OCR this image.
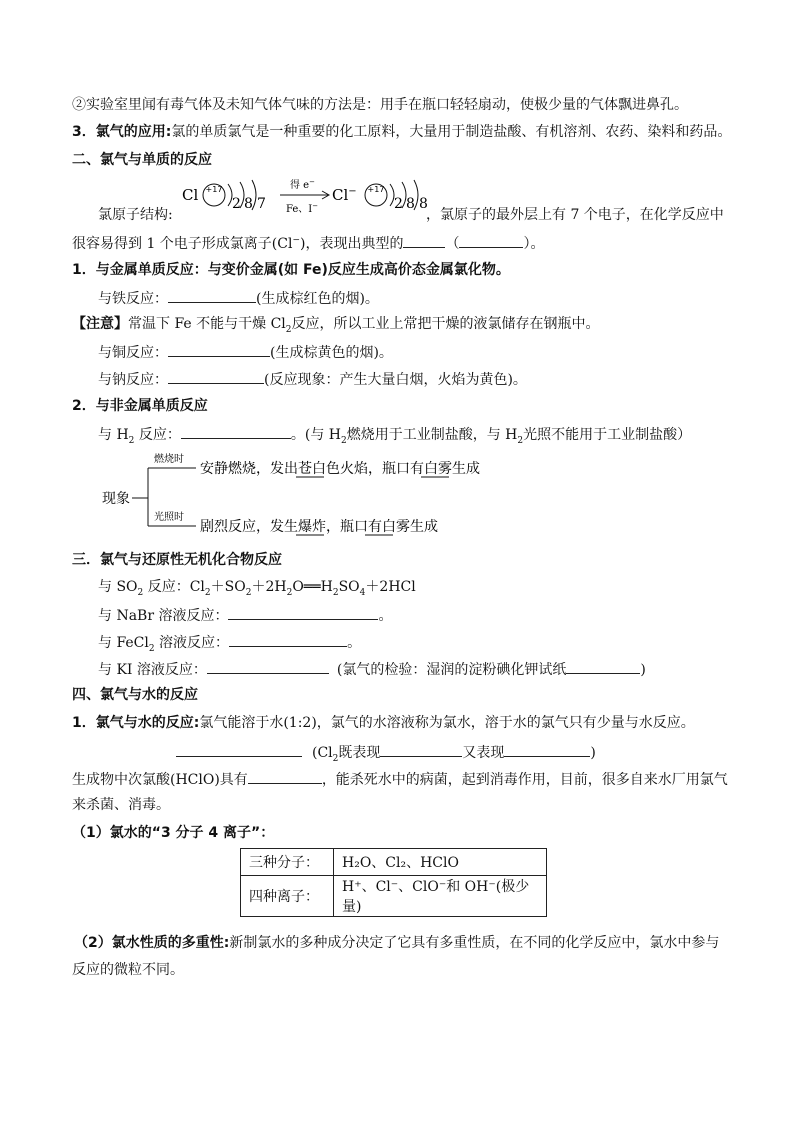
②实验室里闻有毒气体及未知气体气味的方法是：用手在瓶口轻轻扇动，使极少量的气体飘进鼻孔。
3．氯气的应用:氯的单质氯气是一种重要的化工原料，大量用于制造盐酸、有机溶剂、农药、染料和药品。
二、氯气与单质的反应
氯原子结构:
Cl +17
2 8 7
得 e−
Fe、I−
Cl− +17
2 8 8
，氯原子的最外层上有 7 个电子，在化学反应中
很容易得到 1 个电子形成氯离子(Cl−)，表现出典型的	（	）。
1．与金属单质反应：与变价金属(如 Fe)反应生成高价态金属氯化物。
与铁反应：	(生成棕红色的烟)。
【注意】常温下 Fe 不能与干燥 $Cl_2$反应，所以工业上常把干燥的液氯储存在钢瓶中。
与铜反应：	(生成棕黄色的烟)。
与钠反应：	(反应现象：产生大量白烟，火焰为黄色)。
2．与非金属单质反应
与 $H_2$ 反应：	。(与 $H_2$燃烧用于工业制盐酸，与 $H_2$光照不能用于工业制盐酸）
现象
燃烧时
光照时
安静燃烧，发出苍白色火焰，瓶口有白雾生成
剧烈反应，发生爆炸，瓶口有白雾生成
三．氯气与还原性无机化合物反应
与 $SO_2$ 反应：$Cl_2+SO_2+2H_2O══H_2SO_4+2HCl$
与 NaBr 溶液反应：	。
与 FeCl$_2$ 溶液反应：	。
与 KI 溶液反应：	(氯气的检验：湿润的淀粉碘化钾试纸	)
四、氯气与水的反应
1．氯气与水的反应:氯气能溶于水(1:2)，氯气的水溶液称为氯水，溶于水的氯气只有少量与水反应。
($Cl_2$既表现	又表现	)
生成物中次氯酸(HClO)具有	，能杀死水中的病菌，起到消毒作用，目前，很多自来水厂用氯气
来杀菌、消毒。
（1）氯水的“3 分子 4 离子”：
三种分子：	H₂O、Cl₂、HClO
四种离子：	H⁺、Cl⁻、ClO⁻和 OH⁻(极少量)
（2）氯水性质的多重性:新制氯水的多种成分决定了它具有多重性质，在不同的化学反应中，氯水中参与
反应的微粒不同。
